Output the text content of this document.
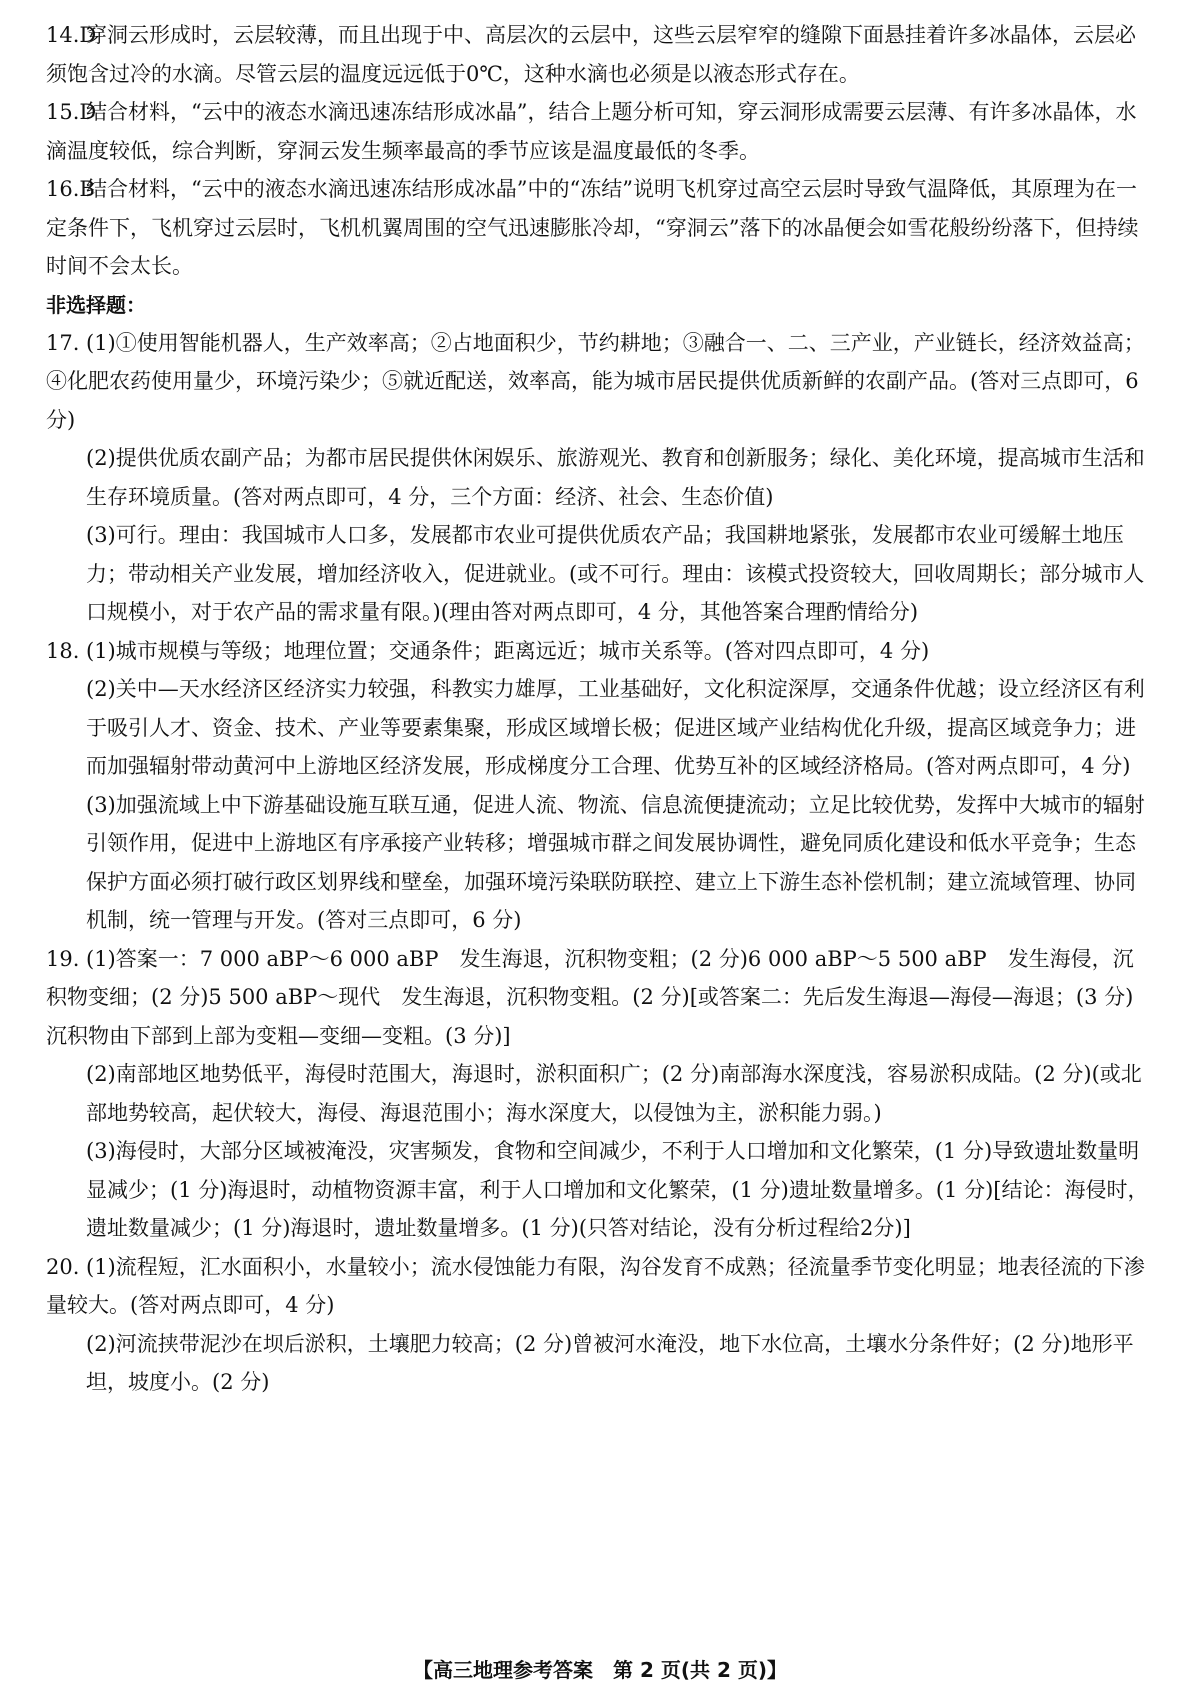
14.D穿洞云形成时，云层较薄，而且出现于中、高层次的云层中，这些云层窄窄的缝隙下面悬挂着许多冰晶体，云层必须饱含过冷的水滴。尽管云层的温度远远低于0℃，这种水滴也必须是以液态形式存在。
15.D结合材料，“云中的液态水滴迅速冻结形成冰晶”，结合上题分析可知，穿云洞形成需要云层薄、有许多冰晶体，水滴温度较低，综合判断，穿洞云发生频率最高的季节应该是温度最低的冬季。
16.B结合材料，“云中的液态水滴迅速冻结形成冰晶”中的“冻结”说明飞机穿过高空云层时导致气温降低，其原理为在一定条件下，飞机穿过云层时，飞机机翼周围的空气迅速膨胀冷却，“穿洞云”落下的冰晶便会如雪花般纷纷落下，但持续时间不会太长。
非选择题：
17. (1)①使用智能机器人，生产效率高；②占地面积少，节约耕地；③融合一、二、三产业，产业链长，经济效益高；④化肥农药使用量少，环境污染少；⑤就近配送，效率高，能为城市居民提供优质新鲜的农副产品。(答对三点即可，6 分)
(2)提供优质农副产品；为都市居民提供休闲娱乐、旅游观光、教育和创新服务；绿化、美化环境，提高城市生活和生存环境质量。(答对两点即可，4 分，三个方面：经济、社会、生态价值)
(3)可行。理由：我国城市人口多，发展都市农业可提供优质农产品；我国耕地紧张，发展都市农业可缓解土地压力；带动相关产业发展，增加经济收入，促进就业。(或不可行。理由：该模式投资较大，回收周期长；部分城市人口规模小，对于农产品的需求量有限。)(理由答对两点即可，4 分，其他答案合理酌情给分)
18. (1)城市规模与等级；地理位置；交通条件；距离远近；城市关系等。(答对四点即可，4 分)
(2)关中—天水经济区经济实力较强，科教实力雄厚，工业基础好，文化积淀深厚，交通条件优越；设立经济区有利于吸引人才、资金、技术、产业等要素集聚，形成区域增长极；促进区域产业结构优化升级，提高区域竞争力；进而加强辐射带动黄河中上游地区经济发展，形成梯度分工合理、优势互补的区域经济格局。(答对两点即可，4 分)
(3)加强流域上中下游基础设施互联互通，促进人流、物流、信息流便捷流动；立足比较优势，发挥中大城市的辐射引领作用，促进中上游地区有序承接产业转移；增强城市群之间发展协调性，避免同质化建设和低水平竞争；生态保护方面必须打破行政区划界线和壁垒，加强环境污染联防联控、建立上下游生态补偿机制；建立流域管理、协同机制，统一管理与开发。(答对三点即可，6 分)
19. (1)答案一：7 000 aBP～6 000 aBP　发生海退，沉积物变粗；(2 分)6 000 aBP～5 500 aBP　发生海侵，沉积物变细；(2 分)5 500 aBP～现代　发生海退，沉积物变粗。(2 分)[或答案二：先后发生海退—海侵—海退；(3 分)沉积物由下部到上部为变粗—变细—变粗。(3 分)]
(2)南部地区地势低平，海侵时范围大，海退时，淤积面积广；(2 分)南部海水深度浅，容易淤积成陆。(2 分)(或北部地势较高，起伏较大，海侵、海退范围小；海水深度大，以侵蚀为主，淤积能力弱。)
(3)海侵时，大部分区域被淹没，灾害频发，食物和空间减少，不利于人口增加和文化繁荣，(1 分)导致遗址数量明显减少；(1 分)海退时，动植物资源丰富，利于人口增加和文化繁荣，(1 分)遗址数量增多。(1 分)[结论：海侵时，遗址数量减少；(1 分)海退时，遗址数量增多。(1 分)(只答对结论，没有分析过程给2分)]
20. (1)流程短，汇水面积小，水量较小；流水侵蚀能力有限，沟谷发育不成熟；径流量季节变化明显；地表径流的下渗量较大。(答对两点即可，4 分)
(2)河流挟带泥沙在坝后淤积，土壤肥力较高；(2 分)曾被河水淹没，地下水位高，土壤水分条件好；(2 分)地形平坦，坡度小。(2 分)
【高三地理参考答案　第 2 页(共 2 页)】
